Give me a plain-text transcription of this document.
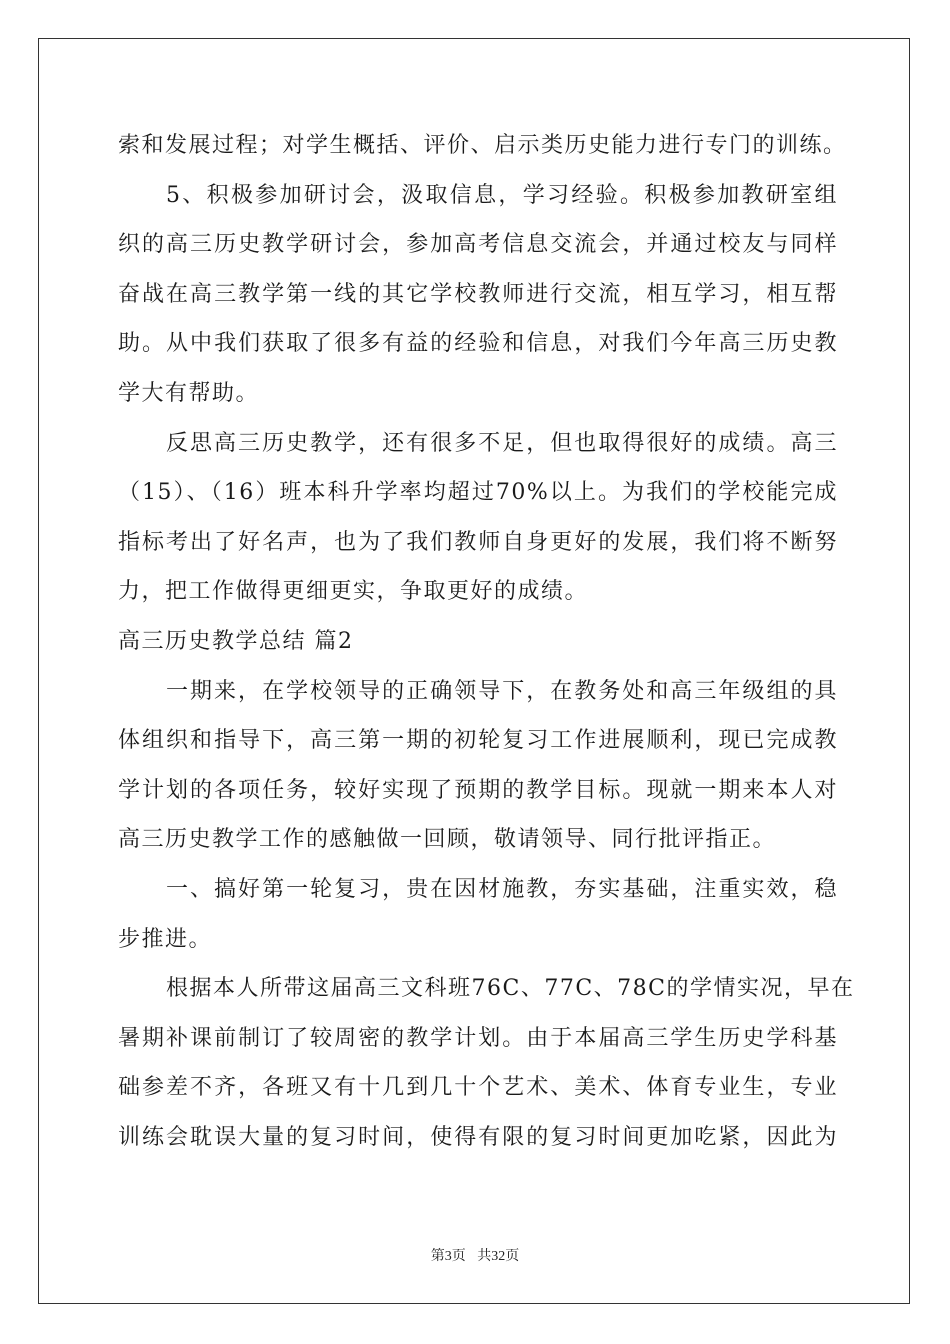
索和发展过程；对学生概括、评价、启示类历史能力进行专门的训练。
5、积极参加研讨会，汲取信息，学习经验。积极参加教研室组
织的高三历史教学研讨会，参加高考信息交流会，并通过校友与同样
奋战在高三教学第一线的其它学校教师进行交流，相互学习，相互帮
助。从中我们获取了很多有益的经验和信息，对我们今年高三历史教
学大有帮助。
反思高三历史教学，还有很多不足，但也取得很好的成绩。高三
（15）、（16）班本科升学率均超过70%以上。为我们的学校能完成
指标考出了好名声，也为了我们教师自身更好的发展，我们将不断努
力，把工作做得更细更实，争取更好的成绩。
高三历史教学总结 篇2
一期来，在学校领导的正确领导下，在教务处和高三年级组的具
体组织和指导下，高三第一期的初轮复习工作进展顺利，现已完成教
学计划的各项任务，较好实现了预期的教学目标。现就一期来本人对
高三历史教学工作的感触做一回顾，敬请领导、同行批评指正。
一、搞好第一轮复习，贵在因材施教，夯实基础，注重实效，稳
步推进。
根据本人所带这届高三文科班76C、77C、78C的学情实况，早在
暑期补课前制订了较周密的教学计划。由于本届高三学生历史学科基
础参差不齐，各班又有十几到几十个艺术、美术、体育专业生，专业
训练会耽误大量的复习时间，使得有限的复习时间更加吃紧，因此为
第3页 共32页
